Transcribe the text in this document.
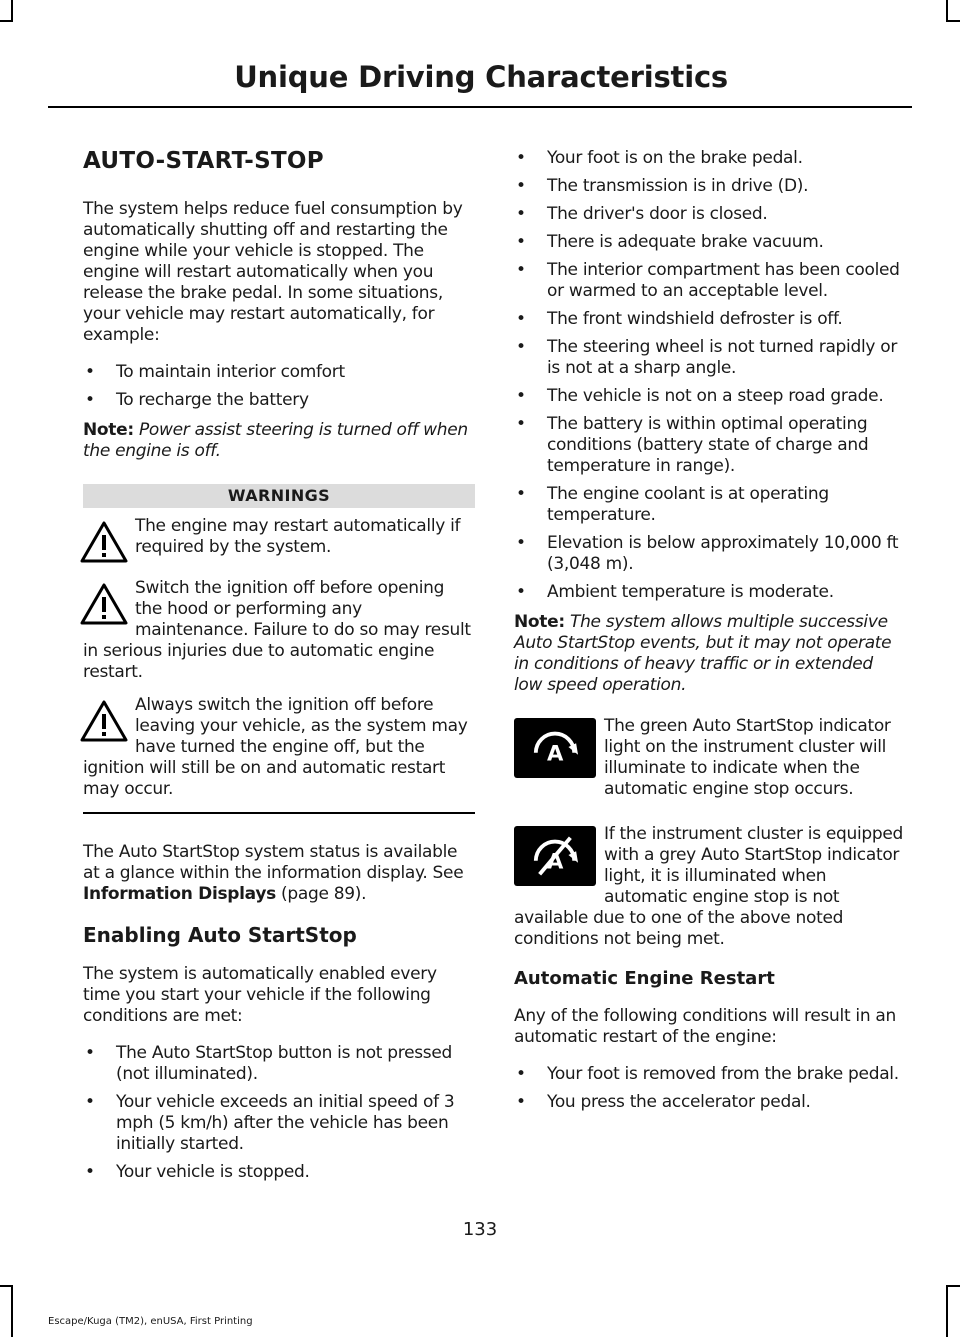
Unique Driving Characteristics
AUTO-START-STOP

The system helps reduce fuel consumption by automatically shutting off and restarting the engine while your vehicle is stopped. The engine will restart automatically when you release the brake pedal. In some situations, your vehicle may restart automatically, for example:

• To maintain interior comfort
• To recharge the battery

Note: Power assist steering is turned off when the engine is off.

WARNINGS
The engine may restart automatically if required by the system.
Switch the ignition off before opening the hood or performing any maintenance. Failure to do so may result in serious injuries due to automatic engine restart.
Always switch the ignition off before leaving your vehicle, as the system may have turned the engine off, but the ignition will still be on and automatic restart may occur.

The Auto StartStop system status is available at a glance within the information display. See Information Displays (page 89).

Enabling Auto StartStop

The system is automatically enabled every time you start your vehicle if the following conditions are met:

• The Auto StartStop button is not pressed (not illuminated).
• Your vehicle exceeds an initial speed of 3 mph (5 km/h) after the vehicle has been initially started.
• Your vehicle is stopped.
• Your foot is on the brake pedal.
• The transmission is in drive (D).
• The driver's door is closed.
• There is adequate brake vacuum.
• The interior compartment has been cooled or warmed to an acceptable level.
• The front windshield defroster is off.
• The steering wheel is not turned rapidly or is not at a sharp angle.
• The vehicle is not on a steep road grade.
• The battery is within optimal operating conditions (battery state of charge and temperature in range).
• The engine coolant is at operating temperature.
• Elevation is below approximately 10,000 ft (3,048 m).
• Ambient temperature is moderate.

Note: The system allows multiple successive Auto StartStop events, but it may not operate in conditions of heavy traffic or in extended low speed operation.

A
The green Auto StartStop indicator light on the instrument cluster will illuminate to indicate when the automatic engine stop occurs.
A
If the instrument cluster is equipped with a grey Auto StartStop indicator light, it is illuminated when automatic engine stop is not available due to one of the above noted conditions not being met.
Automatic Engine Restart

Any of the following conditions will result in an automatic restart of the engine:

• Your foot is removed from the brake pedal.
• You press the accelerator pedal.
133
Escape/Kuga (TM2), enUSA, First Printing
